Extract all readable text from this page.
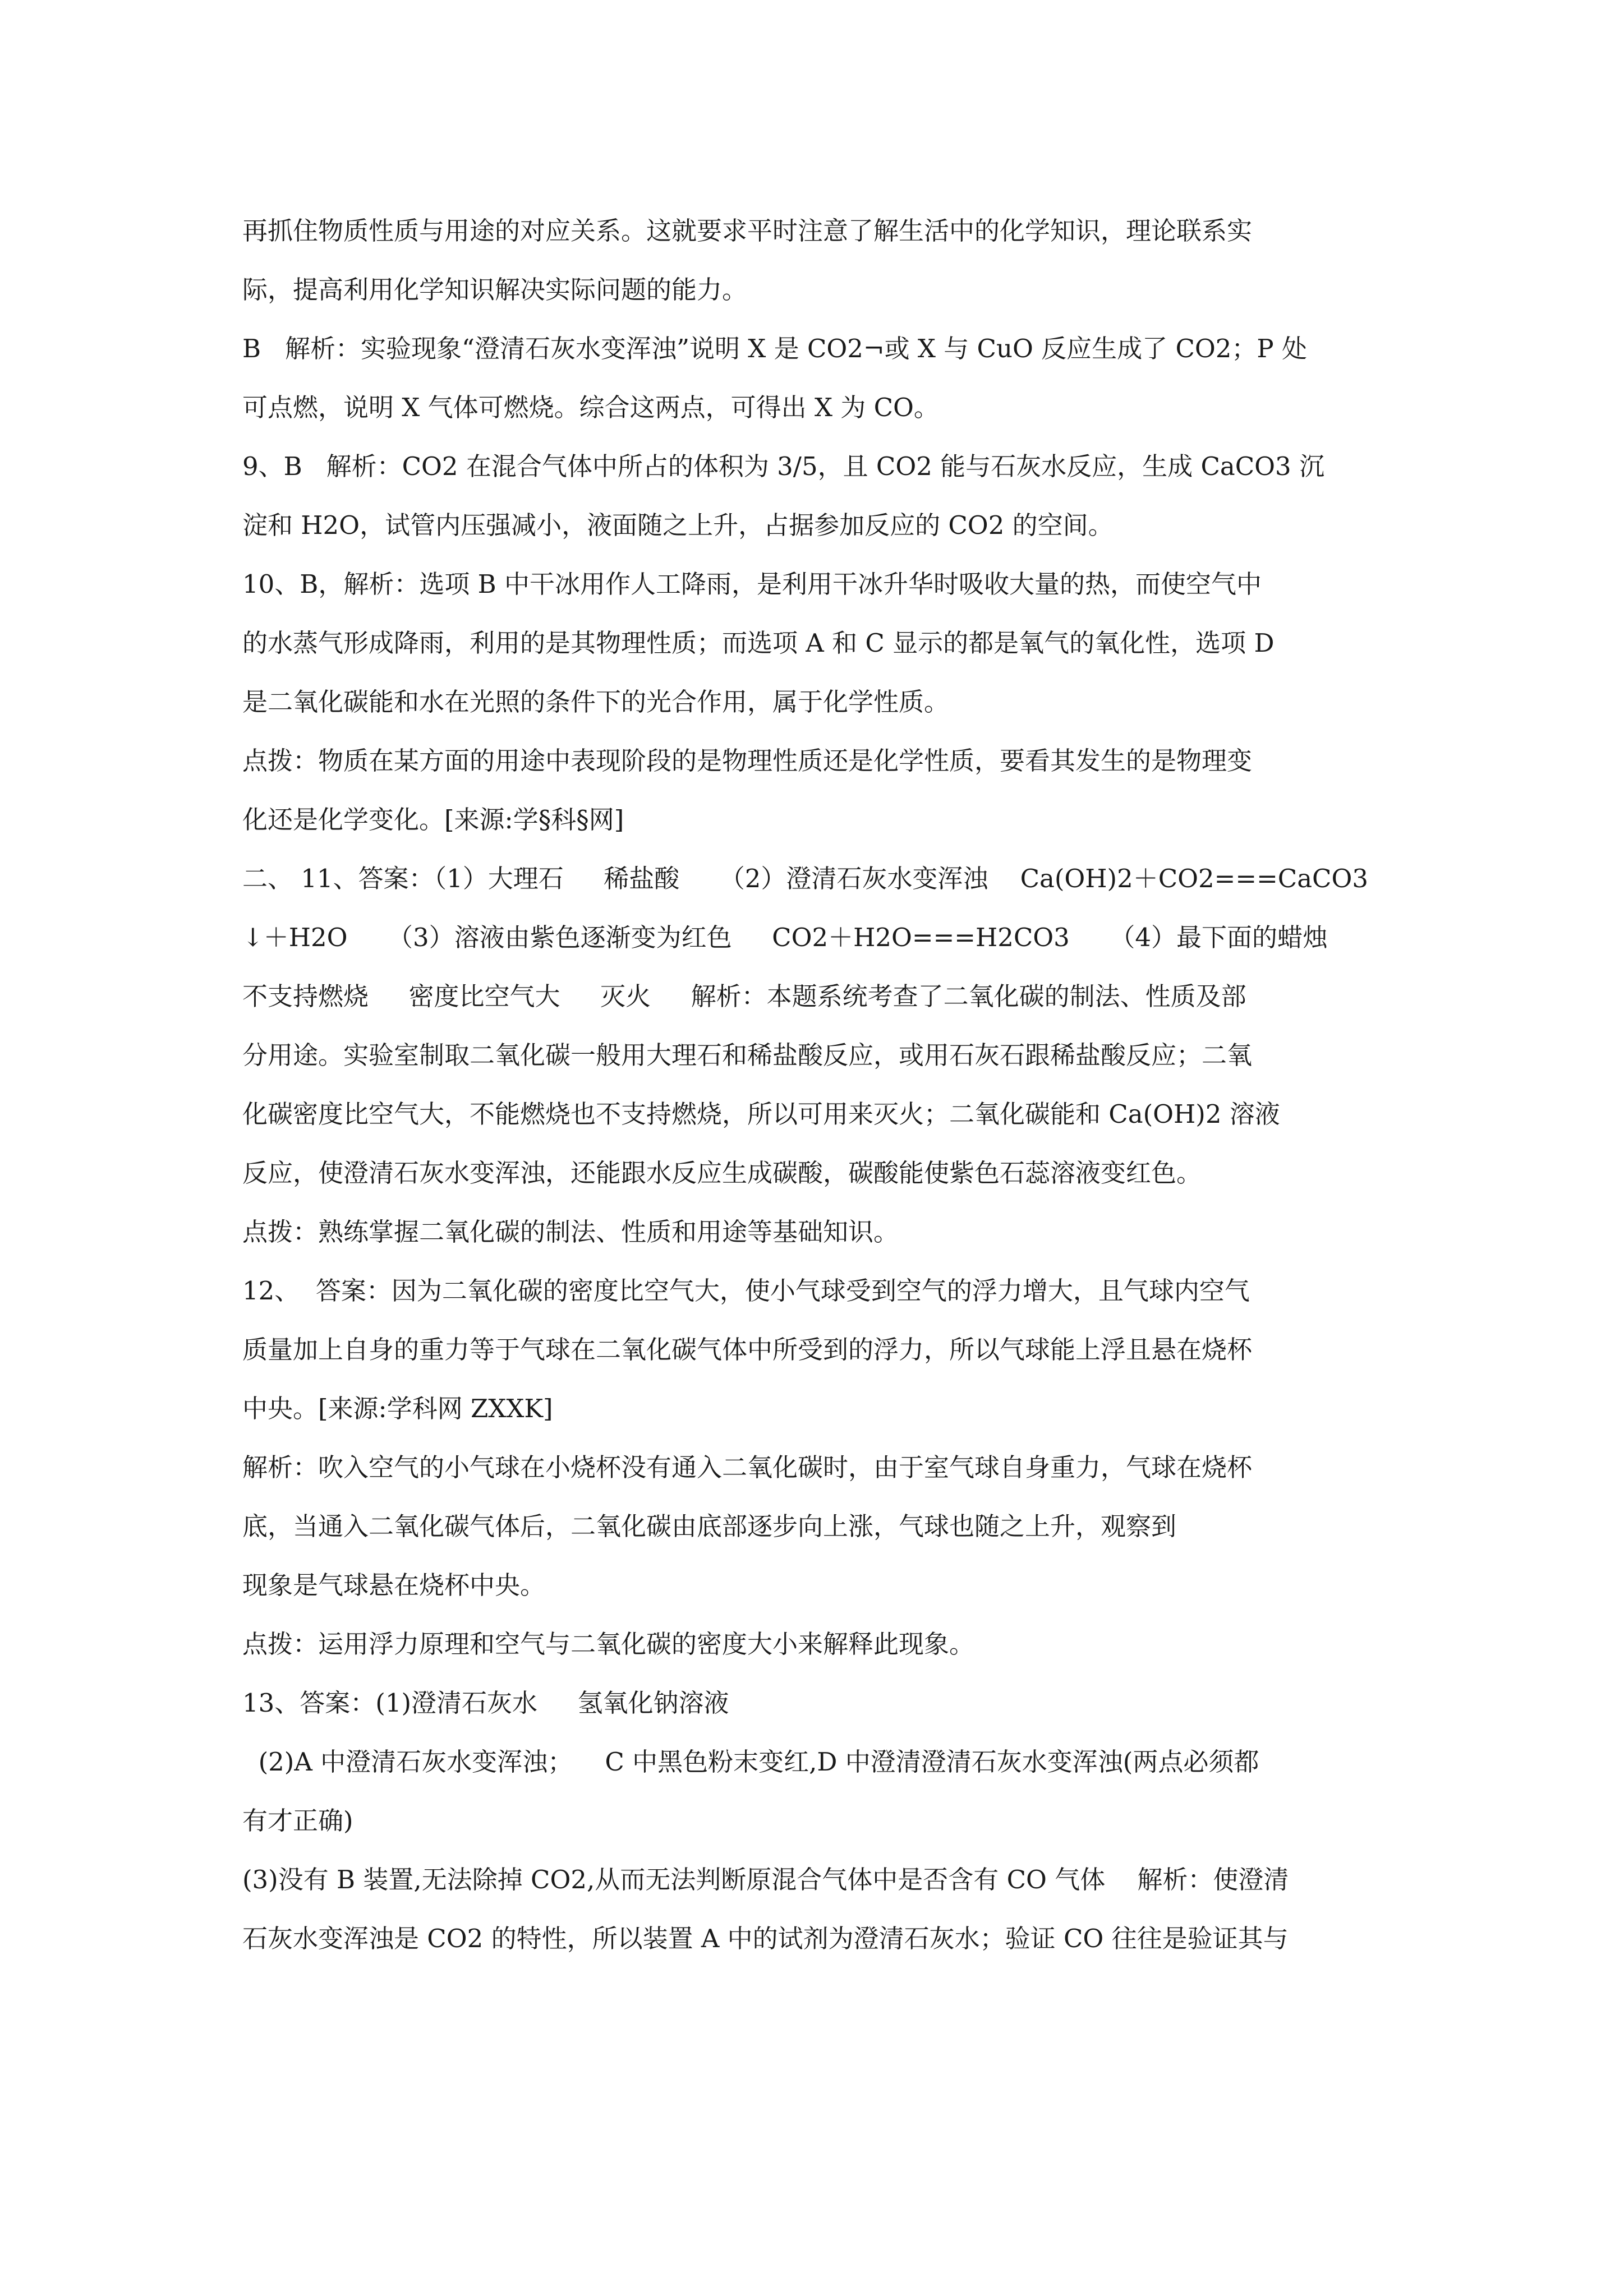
再抓住物质性质与用途的对应关系。这就要求平时注意了解生活中的化学知识，理论联系实
际，提高利用化学知识解决实际问题的能力。
B   解析：实验现象“澄清石灰水变浑浊”说明 X 是 CO2¬或 X 与 CuO 反应生成了 CO2；P 处
可点燃，说明 X 气体可燃烧。综合这两点，可得出 X 为 CO。
9、B   解析：CO2 在混合气体中所占的体积为 3/5，且 CO2 能与石灰水反应，生成 CaCO3 沉
淀和 H2O，试管内压强减小，液面随之上升，占据参加反应的 CO2 的空间。
10、B，解析：选项 B 中干冰用作人工降雨，是利用干冰升华时吸收大量的热，而使空气中
的水蒸气形成降雨，利用的是其物理性质；而选项 A 和 C 显示的都是氧气的氧化性，选项 D
是二氧化碳能和水在光照的条件下的光合作用，属于化学性质。
点拨：物质在某方面的用途中表现阶段的是物理性质还是化学性质，要看其发生的是物理变
化还是化学变化。[来源:学§科§网]
二、 11、答案：（1）大理石     稀盐酸     （2）澄清石灰水变浑浊    Ca(OH)2＋CO2===CaCO3
↓＋H2O     （3）溶液由紫色逐渐变为红色     CO2＋H2O===H2CO3     （4）最下面的蜡烛
不支持燃烧     密度比空气大     灭火     解析：本题系统考查了二氧化碳的制法、性质及部
分用途。实验室制取二氧化碳一般用大理石和稀盐酸反应，或用石灰石跟稀盐酸反应；二氧
化碳密度比空气大，不能燃烧也不支持燃烧，所以可用来灭火；二氧化碳能和 Ca(OH)2 溶液
反应，使澄清石灰水变浑浊，还能跟水反应生成碳酸，碳酸能使紫色石蕊溶液变红色。
点拨：熟练掌握二氧化碳的制法、性质和用途等基础知识。
12、  答案：因为二氧化碳的密度比空气大，使小气球受到空气的浮力增大，且气球内空气
质量加上自身的重力等于气球在二氧化碳气体中所受到的浮力，所以气球能上浮且悬在烧杯
中央。[来源:学科网 ZXXK]
解析：吹入空气的小气球在小烧杯没有通入二氧化碳时，由于室气球自身重力，气球在烧杯
底，当通入二氧化碳气体后，二氧化碳由底部逐步向上涨，气球也随之上升，观察到
现象是气球悬在烧杯中央。
点拨：运用浮力原理和空气与二氧化碳的密度大小来解释此现象。
13、答案：(1)澄清石灰水     氢氧化钠溶液
(2)A 中澄清石灰水变浑浊；    C 中黑色粉末变红,D 中澄清澄清石灰水变浑浊(两点必须都
有才正确)
(3)没有 B 装置,无法除掉 CO2,从而无法判断原混合气体中是否含有 CO 气体    解析：使澄清
石灰水变浑浊是 CO2 的特性，所以装置 A 中的试剂为澄清石灰水；验证 CO 往往是验证其与
